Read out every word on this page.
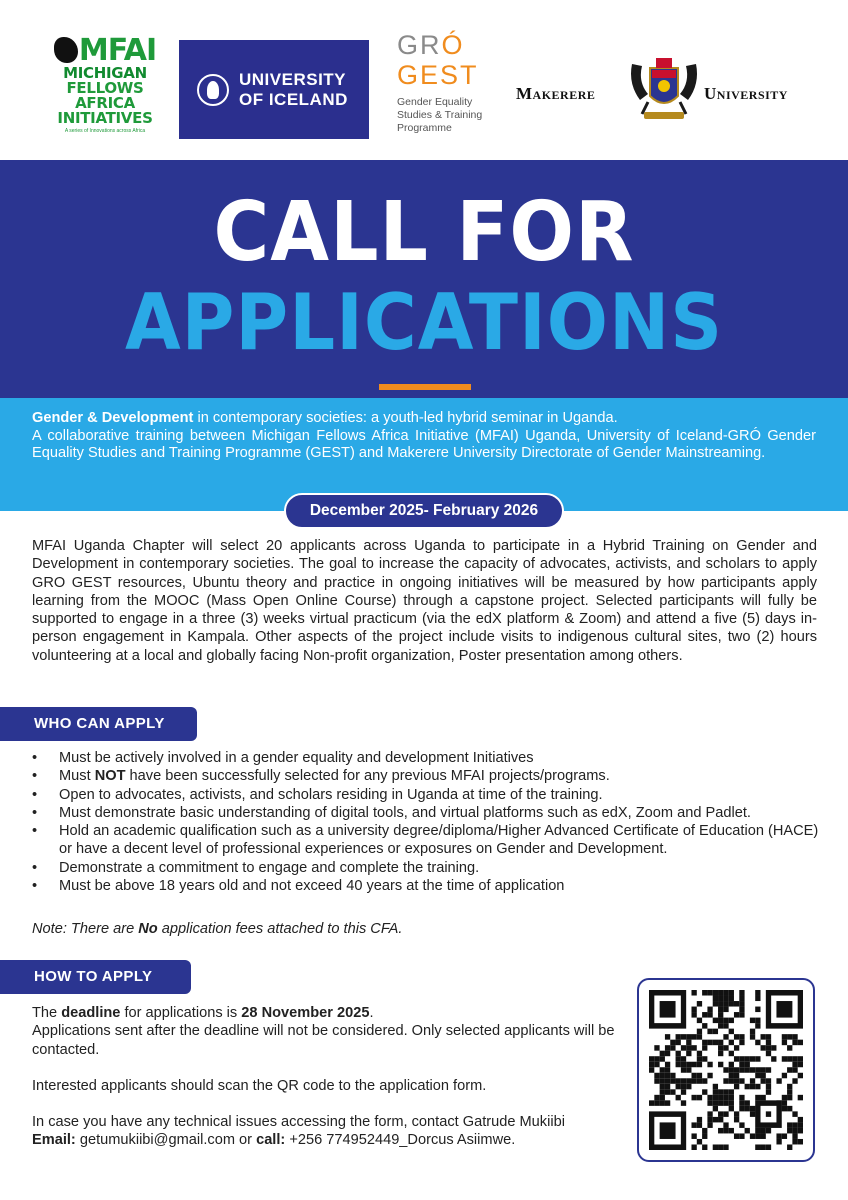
MFAI
MICHIGAN
FELLOWS
AFRICA
INITIATIVES
A series of Innovations across Africa
UNIVERSITY
OF ICELAND
GRÓ
GEST
Gender Equality
Studies & Training
Programme
Makerere	University
CALL FOR
APPLICATIONS

Gender & Development in contemporary societies: a youth-led hybrid seminar in Uganda.

A collaborative training between Michigan Fellows Africa Initiative (MFAI) Uganda, University of Iceland-GRÓ Gender Equality Studies and Training Programme (GEST) and Makerere University Directorate of Gender Mainstreaming.

December 2025- February 2026

MFAI Uganda Chapter will select 20 applicants across Uganda to participate in a Hybrid Training on Gender and Development in contemporary societies. The goal to increase the capacity of advocates, activists, and scholars to apply GRO GEST resources, Ubuntu theory and practice in ongoing initiatives will be measured by how participants apply learning from the MOOC (Mass Open Online Course) through a capstone project. Selected participants will fully be supported to engage in a three (3) weeks virtual practicum (via the edX platform & Zoom) and attend a five (5) days in-person engagement in Kampala. Other aspects of the project include visits to indigenous cultural sites, two (2) hours volunteering at a local and globally facing Non-profit organization, Poster presentation among others.

WHO CAN APPLY
• Must be actively involved in a gender equality and development Initiatives
• Must NOT have been successfully selected for any previous MFAI projects/programs.
• Open to advocates, activists, and scholars residing in Uganda at time of the training.
• Must demonstrate basic understanding of digital tools, and virtual platforms such as edX, Zoom and Padlet.
• Hold an academic qualification such as a university degree/diploma/Higher Advanced Certificate of Education (HACE) or have a decent level of professional experiences or exposures on Gender and Development.
• Demonstrate a commitment to engage and complete the training.
• Must be above 18 years old and not exceed 40 years at the time of application

Note: There are No application fees attached to this CFA.

HOW TO APPLY

The deadline for applications is 28 November 2025.

Applications sent after the deadline will not be considered. Only selected applicants will be contacted.

Interested applicants should scan the QR code to the application form.

In case you have any technical issues accessing the form, contact Gatrude Mukiibi

Email: getumukiibi@gmail.com or call: +256 774952449_Dorcus Asiimwe.
